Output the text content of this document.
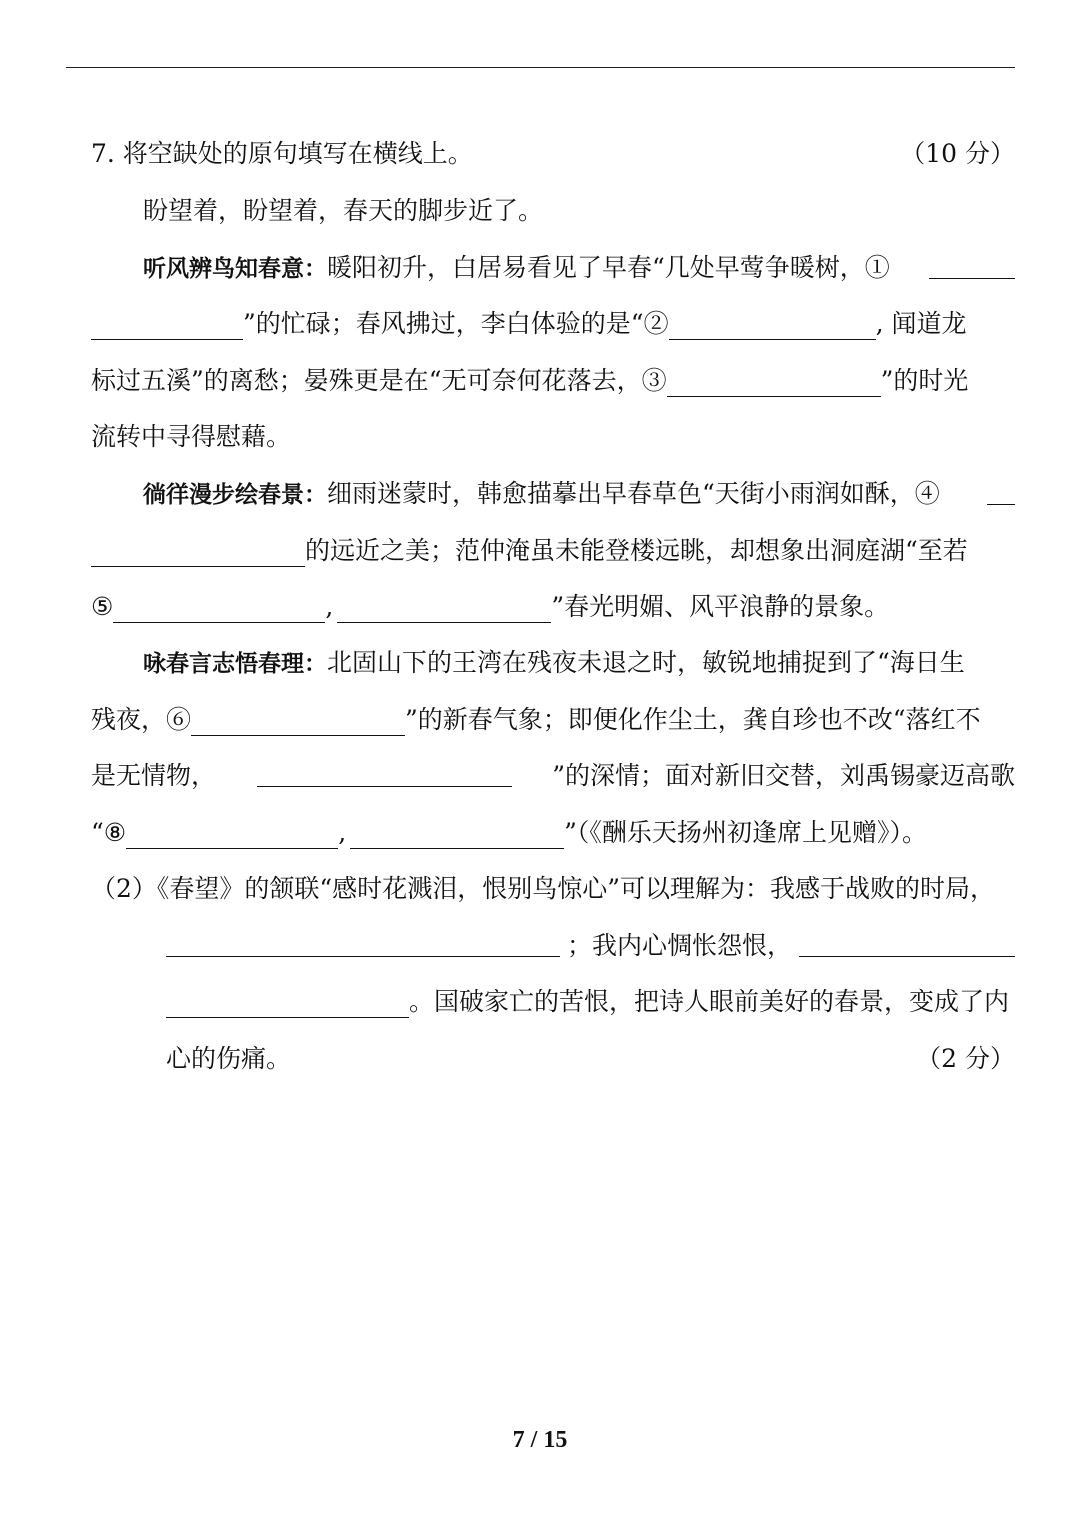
7. 将空缺处的原句填写在横线上。	（10 分）
盼望着，盼望着，春天的脚步近了。
听风辨鸟知春意：暖阳初升，白居易看见了早春“几处早莺争暖树，①
”的忙碌；春风拂过，李白体验的是“②	, 闻道龙
标过五溪”的离愁；晏殊更是在“无可奈何花落去，③	”的时光
流转中寻得慰藉。
徜徉漫步绘春景：细雨迷蒙时，韩愈描摹出早春草色“天街小雨润如酥，④
的远近之美；范仲淹虽未能登楼远眺，却想象出洞庭湖“至若
⑤	,	”春光明媚、风平浪静的景象。
咏春言志悟春理：北固山下的王湾在残夜未退之时，敏锐地捕捉到了“海日生
残夜，⑥	”的新春气象；即便化作尘土，龚自珍也不改“落红不
是无情物，	”的深情；面对新旧交替，刘禹锡豪迈高歌
“⑧	,	”（《酬乐天扬州初逢席上见赠》）。
（2）《春望》的颔联“感时花溅泪，恨别鸟惊心”可以理解为：我感于战败的时局，
；我内心惆怅怨恨，
。国破家亡的苦恨，把诗人眼前美好的春景，变成了内
心的伤痛。	（2 分）
7 / 15
